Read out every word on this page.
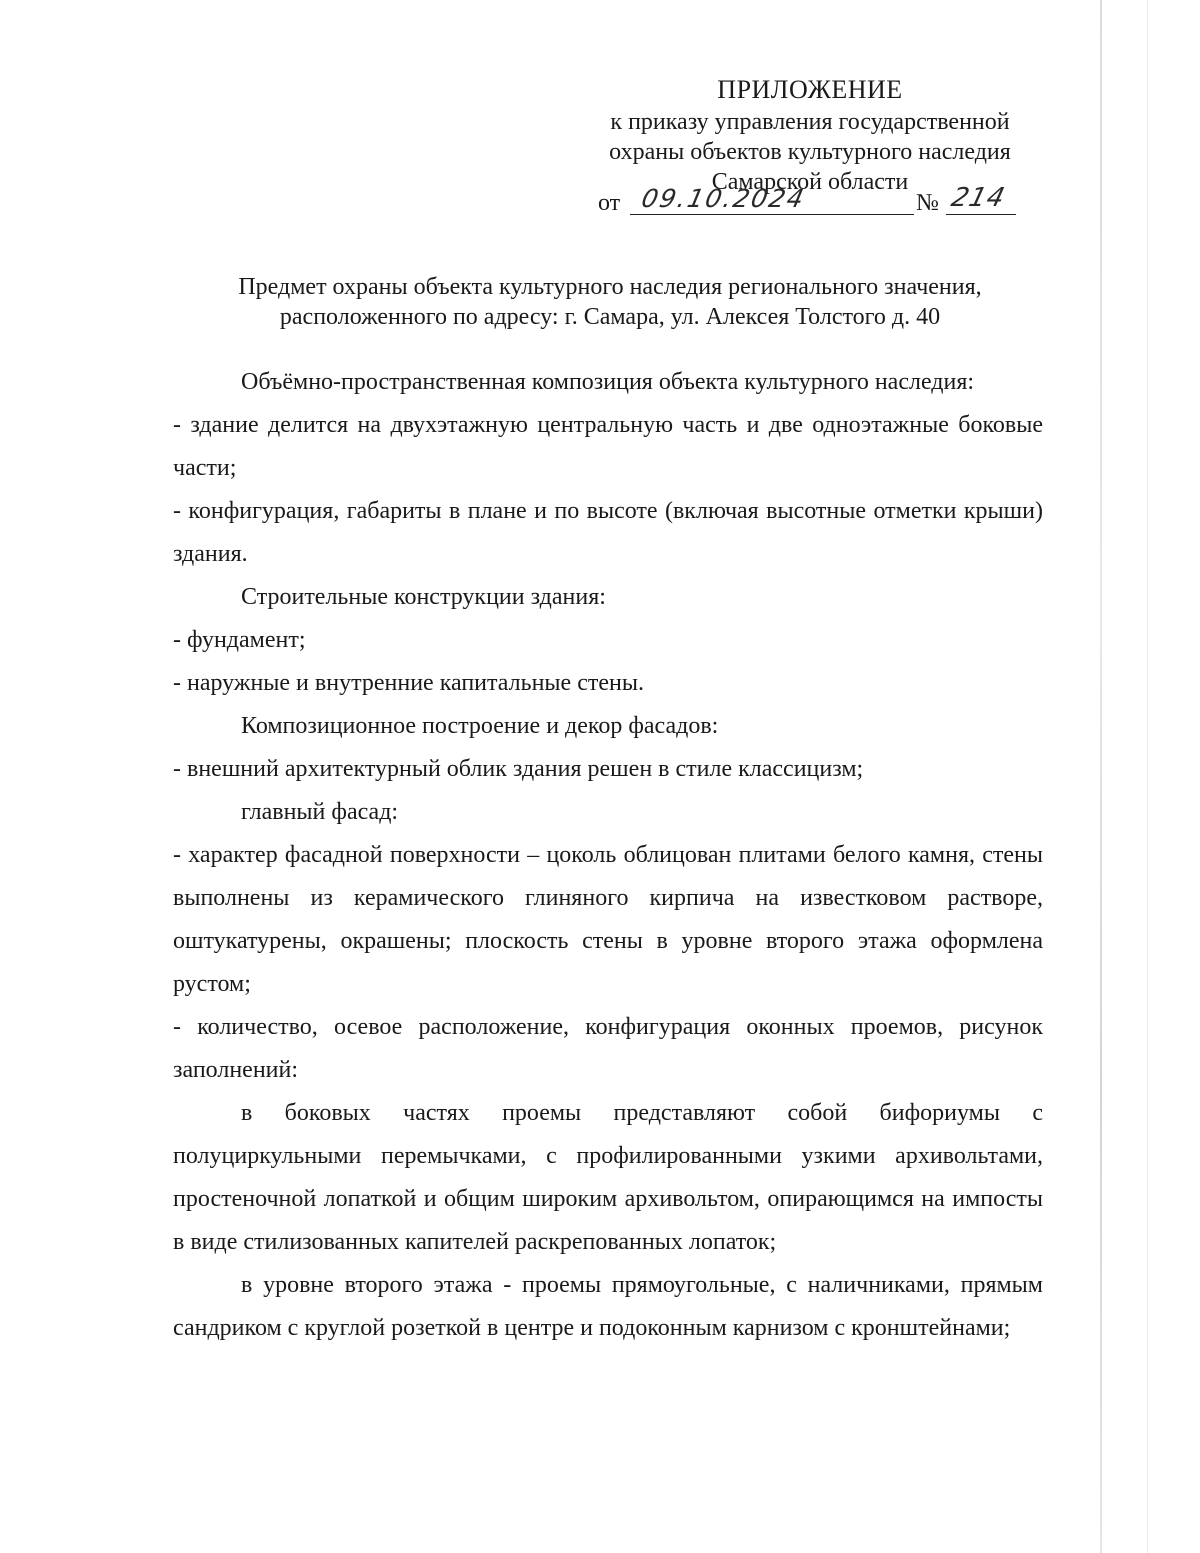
ПРИЛОЖЕНИЕ
к приказу управления государственной
охраны объектов культурного наследия
Самарской области
от 09.10.2024	№ 214
Предмет охраны объекта культурного наследия регионального значения,
расположенного по адресу: г. Самара, ул. Алексея Толстого д. 40

Объёмно-пространственная композиция объекта культурного наследия:

- здание делится на двухэтажную центральную часть и две одноэтажные боковые части;

- конфигурация, габариты в плане и по высоте (включая высотные отметки крыши) здания.

Строительные конструкции здания:

- фундамент;

- наружные и внутренние капитальные стены.

Композиционное построение и декор фасадов:

- внешний архитектурный облик здания решен в стиле классицизм;

главный фасад:

- характер фасадной поверхности – цоколь облицован плитами белого камня, стены выполнены из керамического глиняного кирпича на известковом растворе, оштукатурены, окрашены; плоскость стены в уровне второго этажа оформлена рустом;

- количество, осевое расположение, конфигурация оконных проемов, рисунок заполнений:

в боковых частях проемы представляют собой бифориумы с полуциркульными перемычками, с профилированными узкими архивольтами, простеночной лопаткой и общим широким архивольтом, опирающимся на импосты в виде стилизованных капителей раскрепованных лопаток;

в уровне второго этажа - проемы прямоугольные, с наличниками, прямым сандриком с круглой розеткой в центре и подоконным карнизом с кронштейнами;
